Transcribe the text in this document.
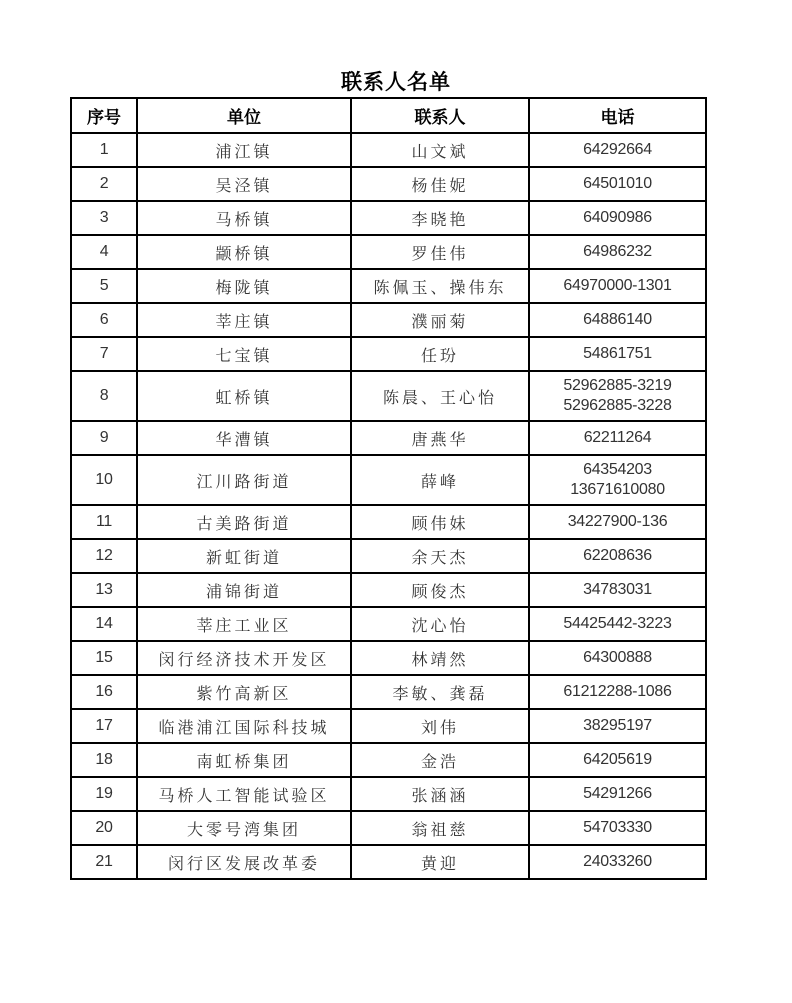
联系人名单
序号	单位	联系人	电话
1	浦江镇	山文斌	64292664

2	吴泾镇	杨佳妮	64501010

3	马桥镇	李晓艳	64090986

4	颛桥镇	罗佳伟	64986232

5	梅陇镇	陈佩玉、操伟东	64970000-1301

6	莘庄镇	濮丽菊	64886140

7	七宝镇	任玢	54861751

8	虹桥镇	陈晨、王心怡	52962885-3219
52962885-3228

9	华漕镇	唐燕华	62211264

10	江川路街道	薛峰	64354203
13671610080

11	古美路街道	顾伟妹	34227900-136

12	新虹街道	余天杰	62208636

13	浦锦街道	顾俊杰	34783031

14	莘庄工业区	沈心怡	54425442-3223

15	闵行经济技术开发区	林靖然	64300888

16	紫竹高新区	李敏、龚磊	61212288-1086

17	临港浦江国际科技城	刘伟	38295197

18	南虹桥集团	金浩	64205619

19	马桥人工智能试验区	张涵涵	54291266

20	大零号湾集团	翁祖慈	54703330

21	闵行区发展改革委	黄迎	24033260
